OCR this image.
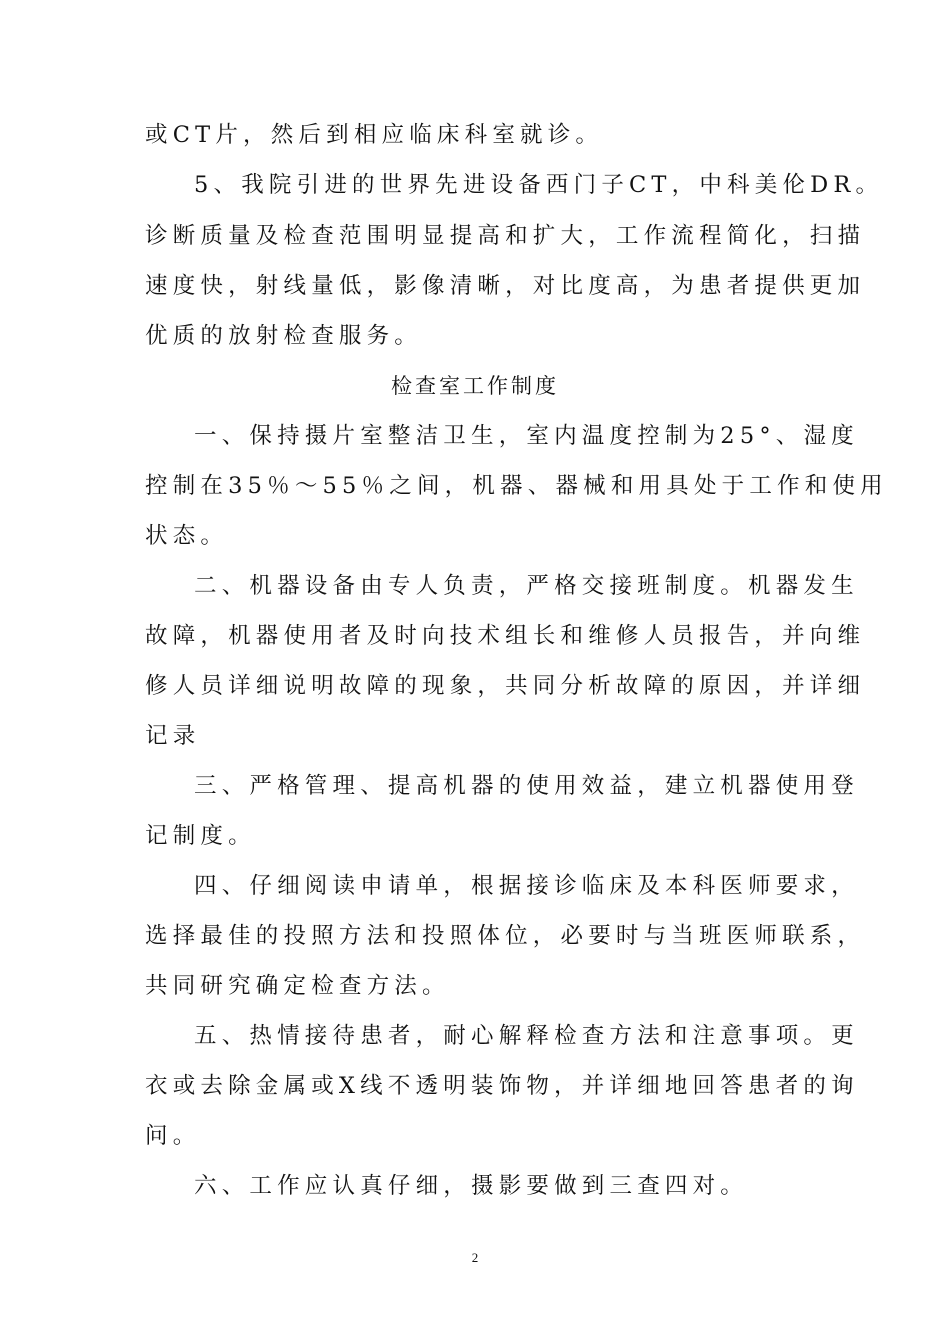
或CT片，然后到相应临床科室就诊。
5、我院引进的世界先进设备西门子CT，中科美伦DR。
诊断质量及检查范围明显提高和扩大，工作流程简化，扫描
速度快，射线量低，影像清晰，对比度高，为患者提供更加
优质的放射检查服务。
检查室工作制度
一、保持摄片室整洁卫生，室内温度控制为25°、湿度
控制在35％～55％之间，机器、器械和用具处于工作和使用
状态。
二、机器设备由专人负责，严格交接班制度。机器发生
故障，机器使用者及时向技术组长和维修人员报告，并向维
修人员详细说明故障的现象，共同分析故障的原因，并详细
记录
三、严格管理、提高机器的使用效益，建立机器使用登
记制度。
四、仔细阅读申请单，根据接诊临床及本科医师要求，
选择最佳的投照方法和投照体位，必要时与当班医师联系，
共同研究确定检查方法。
五、热情接待患者，耐心解释检查方法和注意事项。更
衣或去除金属或X线不透明装饰物，并详细地回答患者的询
问。
六、工作应认真仔细，摄影要做到三查四对。
2
